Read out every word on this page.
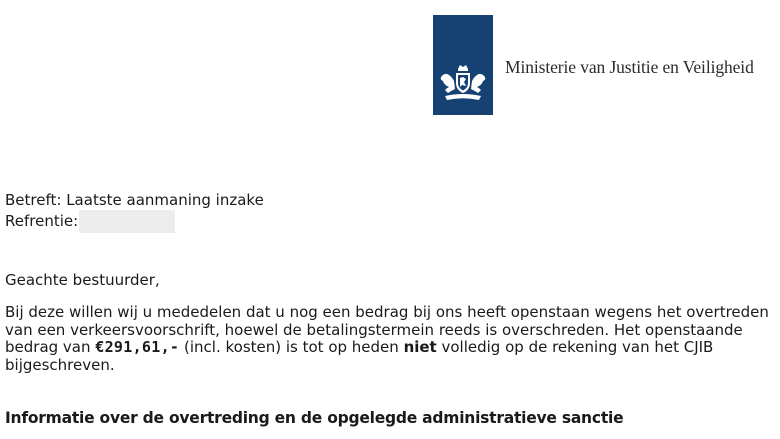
Ministerie van Justitie en Veiligheid
Betreft: Laatste aanmaning inzake
Refrentie:
Geachte bestuurder,
Bij deze willen wij u mededelen dat u nog een bedrag bij ons heeft openstaan wegens het overtreden van een verkeersvoorschrift, hoewel de betalingstermein reeds is overschreden. Het openstaande bedrag van €291,61,- (incl. kosten) is tot op heden niet volledig op de rekening van het CJIB bijgeschreven.
Informatie over de overtreding en de opgelegde administratieve sanctie
